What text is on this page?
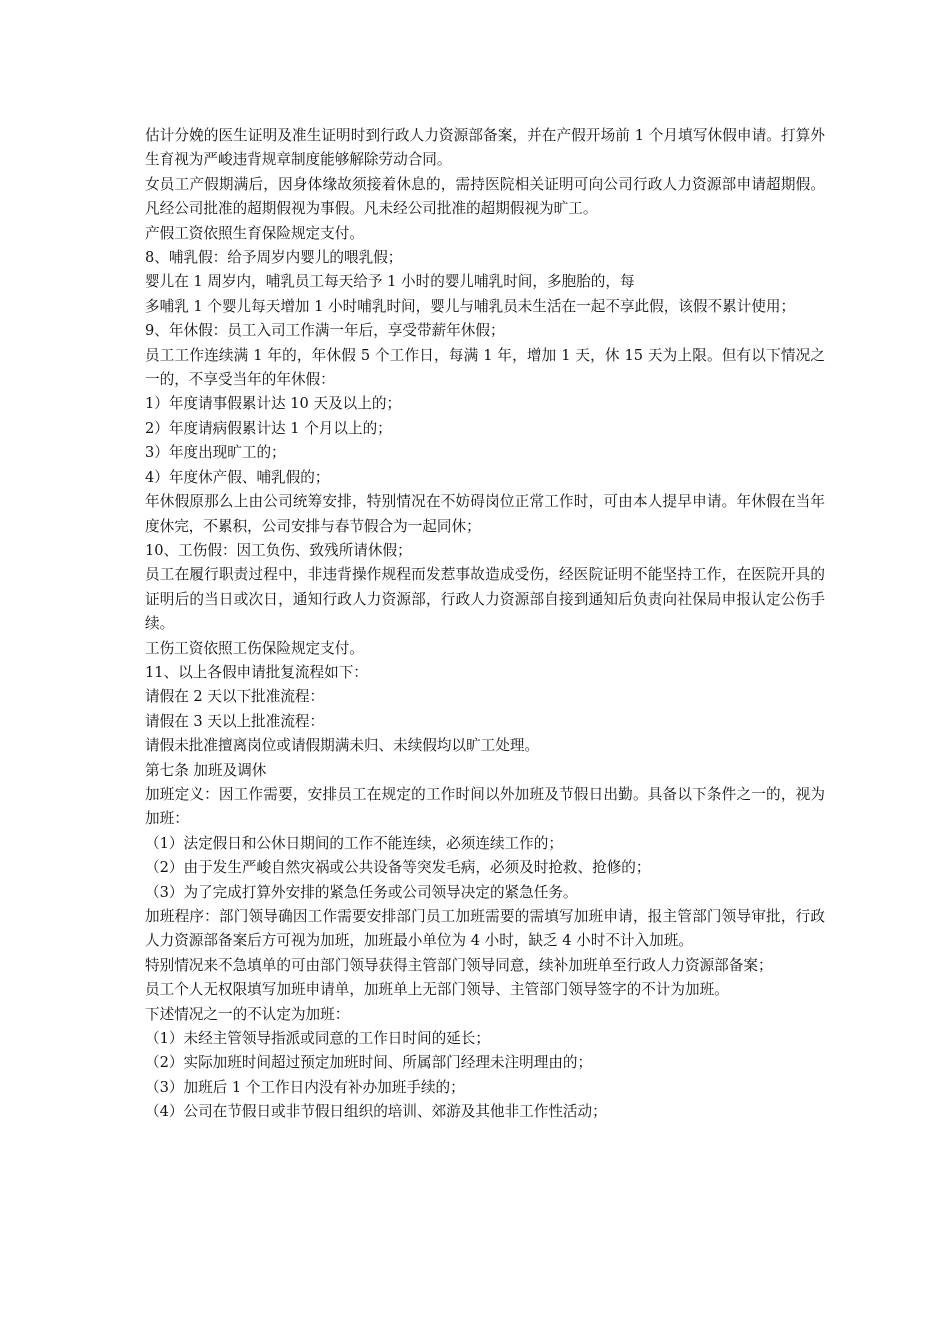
估计分娩的医生证明及准生证明时到行政人力资源部备案，并在产假开场前 1 个月填写休假申请。打算外生育视为严峻违背规章制度能够解除劳动合同。

女员工产假期满后，因身体缘故须接着休息的，需持医院相关证明可向公司行政人力资源部申请超期假。凡经公司批准的超期假视为事假。凡未经公司批准的超期假视为旷工。

产假工资依照生育保险规定支付。

8、哺乳假：给予周岁内婴儿的喂乳假；

婴儿在 1 周岁内，哺乳员工每天给予 1 小时的婴儿哺乳时间，多胞胎的，每

多哺乳 1 个婴儿每天增加 1 小时哺乳时间，婴儿与哺乳员未生活在一起不享此假，该假不累计使用；

9、年休假：员工入司工作满一年后，享受带薪年休假；

员工工作连续满 1 年的，年休假 5 个工作日，每满 1 年，增加 1 天，休 15 天为上限。但有以下情况之一的，不享受当年的年休假：

1）年度请事假累计达 10 天及以上的；

2）年度请病假累计达 1 个月以上的；

3）年度出现旷工的；

4）年度休产假、哺乳假的；

年休假原那么上由公司统筹安排，特别情况在不妨碍岗位正常工作时，可由本人提早申请。年休假在当年度休完，不累积，公司安排与春节假合为一起同休；

10、工伤假：因工负伤、致残所请休假；

员工在履行职责过程中，非违背操作规程而发惹事故造成受伤，经医院证明不能坚持工作，在医院开具的证明后的当日或次日，通知行政人力资源部，行政人力资源部自接到通知后负责向社保局申报认定公伤手续。

工伤工资依照工伤保险规定支付。

11、以上各假申请批复流程如下：

请假在 2 天以下批准流程：

请假在 3 天以上批准流程：

请假未批准擅离岗位或请假期满未归、未续假均以旷工处理。

第七条 加班及调休

加班定义：因工作需要，安排员工在规定的工作时间以外加班及节假日出勤。具备以下条件之一的，视为加班：

（1）法定假日和公休日期间的工作不能连续，必须连续工作的；

（2）由于发生严峻自然灾祸或公共设备等突发毛病，必须及时抢救、抢修的；

（3）为了完成打算外安排的紧急任务或公司领导决定的紧急任务。

加班程序：部门领导确因工作需要安排部门员工加班需要的需填写加班申请，报主管部门领导审批，行政人力资源部备案后方可视为加班，加班最小单位为 4 小时，缺乏 4 小时不计入加班。

特别情况来不急填单的可由部门领导获得主管部门领导同意，续补加班单至行政人力资源部备案；

员工个人无权限填写加班申请单，加班单上无部门领导、主管部门领导签字的不计为加班。

下述情况之一的不认定为加班：

（1）未经主管领导指派或同意的工作日时间的延长；

（2）实际加班时间超过预定加班时间、所属部门经理未注明理由的；

（3）加班后 1 个工作日内没有补办加班手续的；

（4）公司在节假日或非节假日组织的培训、郊游及其他非工作性活动；
